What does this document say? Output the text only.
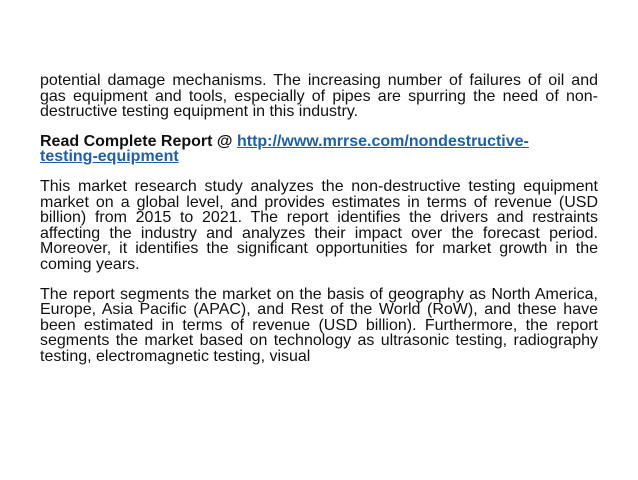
potential damage mechanisms. The increasing number of failures of oil and gas equipment and tools, especially of pipes are spurring the need of non-destructive testing equipment in this industry.

Read Complete Report @ http://www.mrrse.com/nondestructive-
testing-equipment

This market research study analyzes the non-destructive testing equipment market on a global level, and provides estimates in terms of revenue (USD billion) from 2015 to 2021. The report identifies the drivers and restraints affecting the industry and analyzes their impact over the forecast period. Moreover, it identifies the significant opportunities for market growth in the coming years.

The report segments the market on the basis of geography as North America, Europe, Asia Pacific (APAC), and Rest of the World (RoW), and these have been estimated in terms of revenue (USD billion). Furthermore, the report segments the market based on technology as ultrasonic testing, radiography testing, electromagnetic testing, visual
